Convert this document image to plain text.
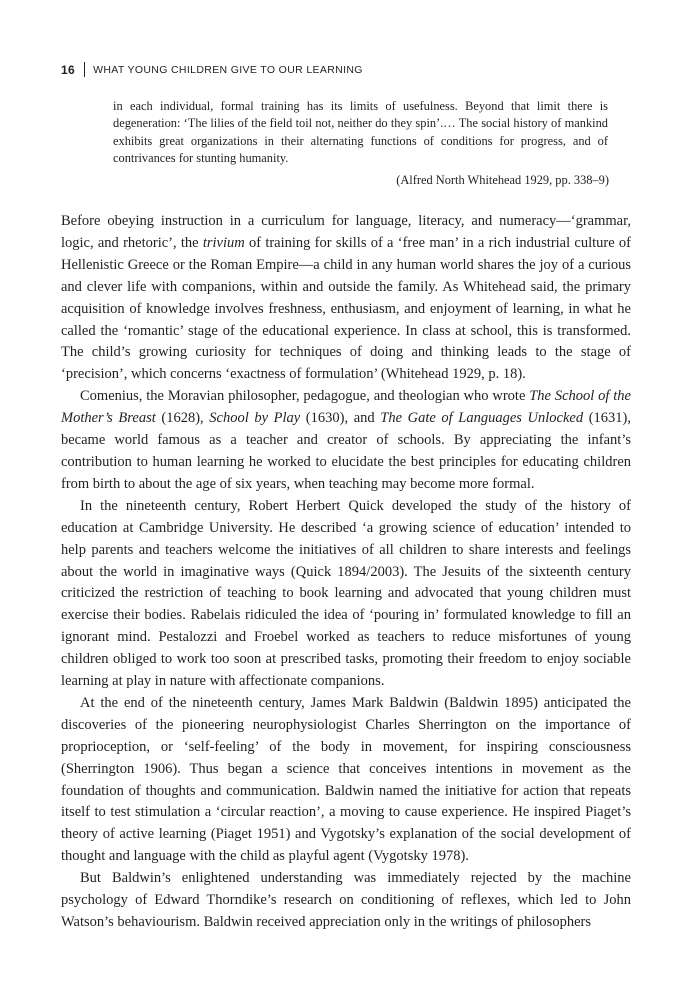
16 WHAT YOUNG CHILDREN GIVE TO OUR LEARNING

in each individual, formal training has its limits of usefulness. Beyond that limit there is degeneration: ‘The lilies of the field toil not, neither do they spin’.… The social history of mankind exhibits great organizations in their alternating functions of conditions for progress, and of contrivances for stunting humanity.

(Alfred North Whitehead 1929, pp. 338–9)

Before obeying instruction in a curriculum for language, literacy, and numeracy—‘grammar, logic, and rhetoric’, the trivium of training for skills of a ‘free man’ in a rich industrial culture of Hellenistic Greece or the Roman Empire—a child in any human world shares the joy of a curious and clever life with companions, within and outside the family. As Whitehead said, the primary acquisition of knowledge involves freshness, enthusiasm, and enjoyment of learning, in what he called the ‘romantic’ stage of the educational experience. In class at school, this is transformed. The child’s growing curiosity for techniques of doing and thinking leads to the stage of ‘precision’, which concerns ‘exactness of formulation’ (Whitehead 1929, p. 18).

Comenius, the Moravian philosopher, pedagogue, and theologian who wrote The School of the Mother’s Breast (1628), School by Play (1630), and The Gate of Languages Unlocked (1631), became world famous as a teacher and creator of schools. By appreciating the infant’s contribution to human learning he worked to elucidate the best principles for educating children from birth to about the age of six years, when teaching may become more formal.

In the nineteenth century, Robert Herbert Quick developed the study of the history of education at Cambridge University. He described ‘a growing science of education’ intended to help parents and teachers welcome the initiatives of all children to share interests and feelings about the world in imaginative ways (Quick 1894/2003). The Jesuits of the sixteenth century criticized the restriction of teaching to book learning and advocated that young children must exercise their bodies. Rabelais ridiculed the idea of ‘pouring in’ formulated knowledge to fill an ignorant mind. Pestalozzi and Froebel worked as teachers to reduce misfortunes of young children obliged to work too soon at prescribed tasks, promoting their freedom to enjoy sociable learning at play in nature with affectionate companions.

At the end of the nineteenth century, James Mark Baldwin (Baldwin 1895) anticipated the discoveries of the pioneering neurophysiologist Charles Sherrington on the importance of proprioception, or ‘self-feeling’ of the body in movement, for inspiring consciousness (Sherrington 1906). Thus began a science that conceives intentions in movement as the foundation of thoughts and communication. Baldwin named the initiative for action that repeats itself to test stimulation a ‘circular reaction’, a moving to cause experience. He inspired Piaget’s theory of active learning (Piaget 1951) and Vygotsky’s explanation of the social development of thought and language with the child as playful agent (Vygotsky 1978).

But Baldwin’s enlightened understanding was immediately rejected by the machine psychology of Edward Thorndike’s research on conditioning of reflexes, which led to John Watson’s behaviourism. Baldwin received appreciation only in the writings of philosophers
